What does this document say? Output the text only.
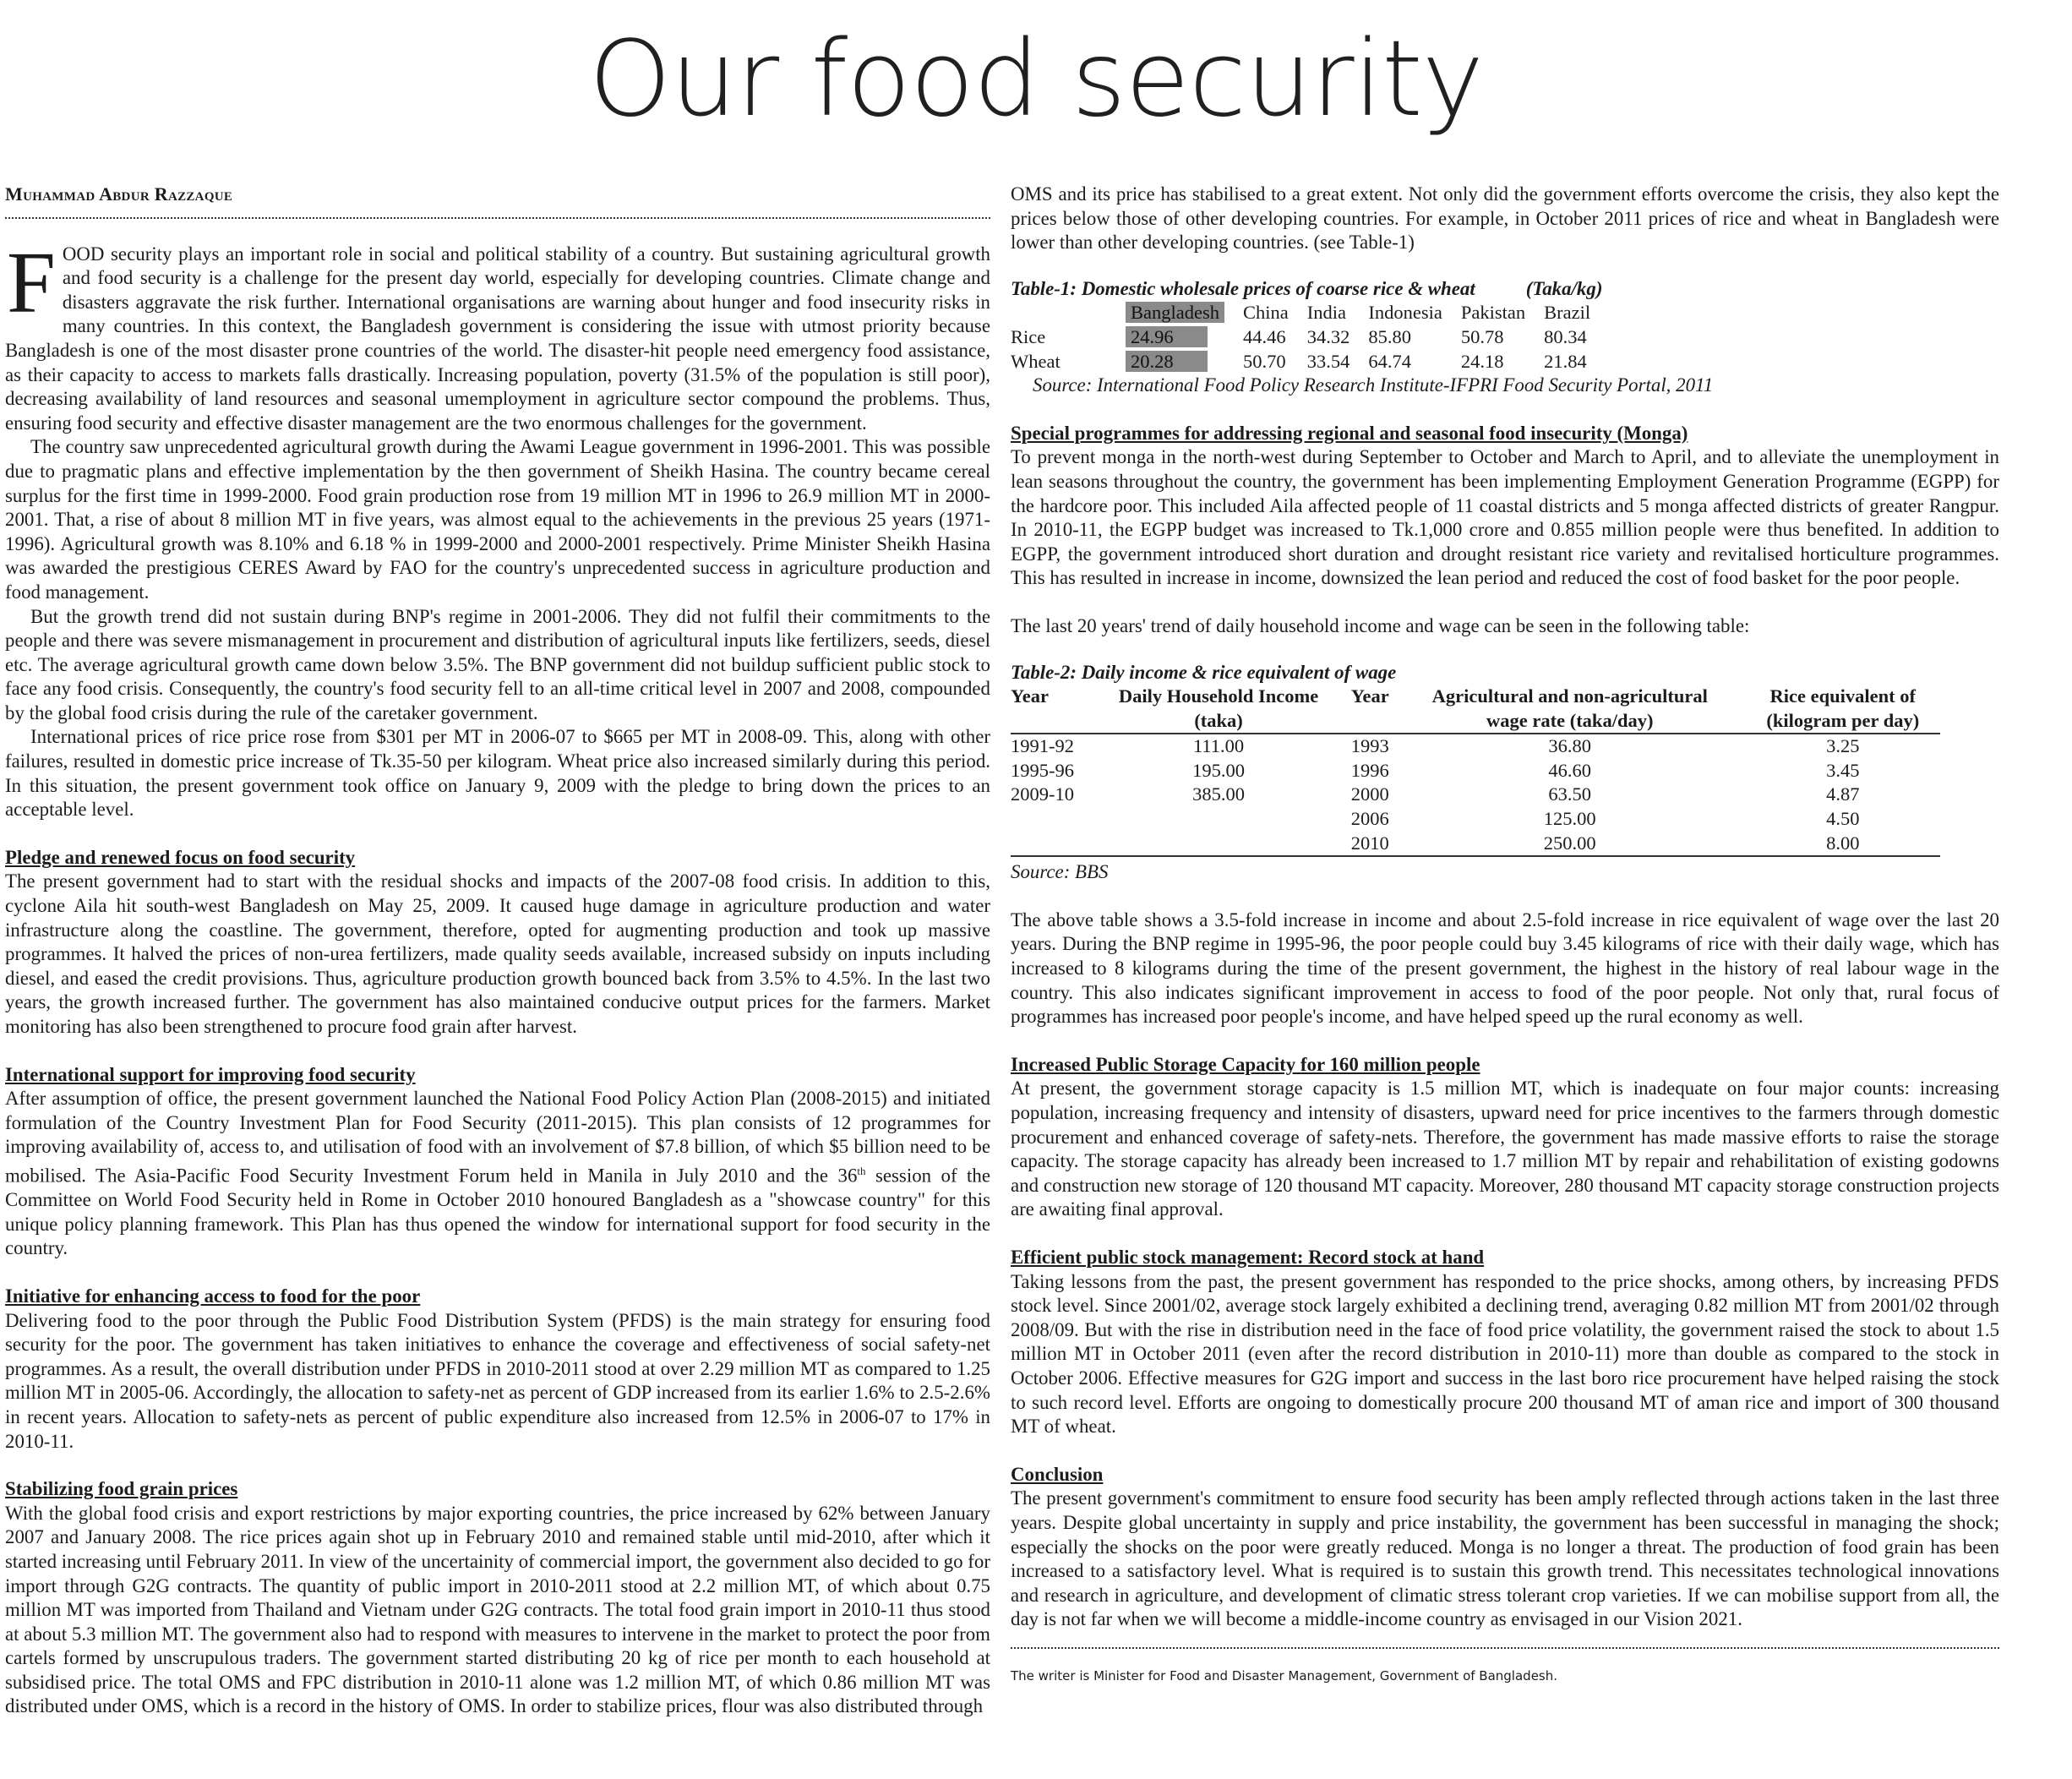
Our food security
Muhammad Abdur Razzaque

FOOD security plays an important role in social and political stability of a country. But sustaining agricultural growth and food security is a challenge for the present day world, especially for developing countries. Climate change and disasters aggravate the risk further. International organisations are warning about hunger and food insecurity risks in many countries. In this context, the Bangladesh government is considering the issue with utmost priority because Bangladesh is one of the most disaster prone countries of the world. The disaster-hit people need emergency food assistance, as their capacity to access to markets falls drastically. Increasing population, poverty (31.5% of the population is still poor), decreasing availability of land resources and seasonal umemployment in agriculture sector compound the problems. Thus, ensuring food security and effective disaster management are the two enormous challenges for the government.

The country saw unprecedented agricultural growth during the Awami League government in 1996-2001. This was possible due to pragmatic plans and effective implementation by the then government of Sheikh Hasina. The country became cereal surplus for the first time in 1999-2000. Food grain production rose from 19 million MT in 1996 to 26.9 million MT in 2000-2001. That, a rise of about 8 million MT in five years, was almost equal to the achievements in the previous 25 years (1971-1996). Agricultural growth was 8.10% and 6.18 % in 1999-2000 and 2000-2001 respectively. Prime Minister Sheikh Hasina was awarded the prestigious CERES Award by FAO for the country's unprecedented success in agriculture production and food management.

But the growth trend did not sustain during BNP's regime in 2001-2006. They did not fulfil their commitments to the people and there was severe mismanagement in procurement and distribution of agricultural inputs like fertilizers, seeds, diesel etc. The average agricultural growth came down below 3.5%. The BNP government did not buildup sufficient public stock to face any food crisis. Consequently, the country's food security fell to an all-time critical level in 2007 and 2008, compounded by the global food crisis during the rule of the caretaker government.

International prices of rice price rose from $301 per MT in 2006-07 to $665 per MT in 2008-09. This, along with other failures, resulted in domestic price increase of Tk.35-50 per kilogram. Wheat price also increased similarly during this period. In this situation, the present government took office on January 9, 2009 with the pledge to bring down the prices to an acceptable level.

Pledge and renewed focus on food security

The present government had to start with the residual shocks and impacts of the 2007-08 food crisis. In addition to this, cyclone Aila hit south-west Bangladesh on May 25, 2009. It caused huge damage in agriculture production and water infrastructure along the coastline. The government, therefore, opted for augmenting production and took up massive programmes. It halved the prices of non-urea fertilizers, made quality seeds available, increased subsidy on inputs including diesel, and eased the credit provisions. Thus, agriculture production growth bounced back from 3.5% to 4.5%. In the last two years, the growth increased further. The government has also maintained conducive output prices for the farmers. Market monitoring has also been strengthened to procure food grain after harvest.

International support for improving food security

After assumption of office, the present government launched the National Food Policy Action Plan (2008-2015) and initiated formulation of the Country Investment Plan for Food Security (2011-2015). This plan consists of 12 programmes for improving availability of, access to, and utilisation of food with an involvement of $7.8 billion, of which $5 billion need to be mobilised. The Asia-Pacific Food Security Investment Forum held in Manila in July 2010 and the 36th session of the Committee on World Food Security held in Rome in October 2010 honoured Bangladesh as a "showcase country" for this unique policy planning framework. This Plan has thus opened the window for international support for food security in the country.

Initiative for enhancing access to food for the poor

Delivering food to the poor through the Public Food Distribution System (PFDS) is the main strategy for ensuring food security for the poor. The government has taken initiatives to enhance the coverage and effectiveness of social safety-net programmes. As a result, the overall distribution under PFDS in 2010-2011 stood at over 2.29 million MT as compared to 1.25 million MT in 2005-06. Accordingly, the allocation to safety-net as percent of GDP increased from its earlier 1.6% to 2.5-2.6% in recent years. Allocation to safety-nets as percent of public expenditure also increased from 12.5% in 2006-07 to 17% in 2010-11.

Stabilizing food grain prices

With the global food crisis and export restrictions by major exporting countries, the price increased by 62% between January 2007 and January 2008. The rice prices again shot up in February 2010 and remained stable until mid-2010, after which it started increasing until February 2011. In view of the uncertainity of commercial import, the government also decided to go for import through G2G contracts. The quantity of public import in 2010-2011 stood at 2.2 million MT, of which about 0.75 million MT was imported from Thailand and Vietnam under G2G contracts. The total food grain import in 2010-11 thus stood at about 5.3 million MT. The government also had to respond with measures to intervene in the market to protect the poor from cartels formed by unscrupulous traders. The government started distributing 20 kg of rice per month to each household at subsidised price. The total OMS and FPC distribution in 2010-11 alone was 1.2 million MT, of which 0.86 million MT was distributed under OMS, which is a record in the history of OMS. In order to stabilize prices, flour was also distributed through

OMS and its price has stabilised to a great extent. Not only did the government efforts overcome the crisis, they also kept the prices below those of other developing countries. For example, in October 2011 prices of rice and wheat in Bangladesh were lower than other developing countries. (see Table-1)

Table-1: Domestic wholesale prices of coarse rice & wheat	(Taka/kg)
	Bangladesh	China	India	Indonesia	Pakistan	Brazil
Rice	24.96	44.46	34.32	85.80	50.78	80.34
Wheat	20.28	50.70	33.54	64.74	24.18	21.84

Source: International Food Policy Research Institute-IFPRI Food Security Portal, 2011

Special programmes for addressing regional and seasonal food insecurity (Monga)

To prevent monga in the north-west during September to October and March to April, and to alleviate the unemployment in lean seasons throughout the country, the government has been implementing Employment Generation Programme (EGPP) for the hardcore poor. This included Aila affected people of 11 coastal districts and 5 monga affected districts of greater Rangpur. In 2010-11, the EGPP budget was increased to Tk.1,000 crore and 0.855 million people were thus benefited. In addition to EGPP, the government introduced short duration and drought resistant rice variety and revitalised horticulture programmes. This has resulted in increase in income, downsized the lean period and reduced the cost of food basket for the poor people.

The last 20 years' trend of daily household income and wage can be seen in the following table:

Table-2: Daily income & rice equivalent of wage
Year	Daily Household Income	Year	Agricultural and non-agricultural	Rice equivalent of
	(taka)		wage rate (taka/day)	(kilogram per day)
1991-92	111.00	1993	36.80	3.25
1995-96	195.00	1996	46.60	3.45
2009-10	385.00	2000	63.50	4.87
		2006	125.00	4.50
		2010	250.00	8.00

Source: BBS

The above table shows a 3.5-fold increase in income and about 2.5-fold increase in rice equivalent of wage over the last 20 years. During the BNP regime in 1995-96, the poor people could buy 3.45 kilograms of rice with their daily wage, which has increased to 8 kilograms during the time of the present government, the highest in the history of real labour wage in the country. This also indicates significant improvement in access to food of the poor people. Not only that, rural focus of programmes has increased poor people's income, and have helped speed up the rural economy as well.

Increased Public Storage Capacity for 160 million people

At present, the government storage capacity is 1.5 million MT, which is inadequate on four major counts: increasing population, increasing frequency and intensity of disasters, upward need for price incentives to the farmers through domestic procurement and enhanced coverage of safety-nets. Therefore, the government has made massive efforts to raise the storage capacity. The storage capacity has already been increased to 1.7 million MT by repair and rehabilitation of existing godowns and construction new storage of 120 thousand MT capacity. Moreover, 280 thousand MT capacity storage construction projects are awaiting final approval.

Efficient public stock management: Record stock at hand

Taking lessons from the past, the present government has responded to the price shocks, among others, by increasing PFDS stock level. Since 2001/02, average stock largely exhibited a declining trend, averaging 0.82 million MT from 2001/02 through 2008/09. But with the rise in distribution need in the face of food price volatility, the government raised the stock to about 1.5 million MT in October 2011 (even after the record distribution in 2010-11) more than double as compared to the stock in October 2006. Effective measures for G2G import and success in the last boro rice procurement have helped raising the stock to such record level. Efforts are ongoing to domestically procure 200 thousand MT of aman rice and import of 300 thousand MT of wheat.

Conclusion

The present government's commitment to ensure food security has been amply reflected through actions taken in the last three years. Despite global uncertainty in supply and price instability, the government has been successful in managing the shock; especially the shocks on the poor were greatly reduced. Monga is no longer a threat. The production of food grain has been increased to a satisfactory level. What is required is to sustain this growth trend. This necessitates technological innovations and research in agriculture, and development of climatic stress tolerant crop varieties. If we can mobilise support from all, the day is not far when we will become a middle-income country as envisaged in our Vision 2021.

The writer is Minister for Food and Disaster Management, Government of Bangladesh.
